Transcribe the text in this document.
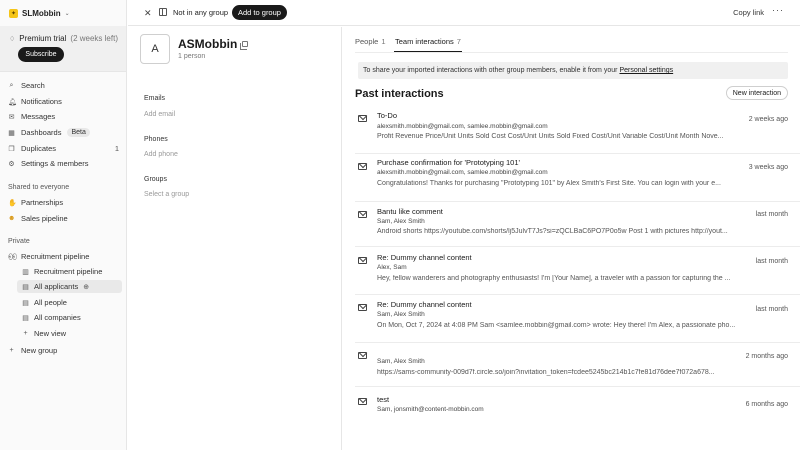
✦ SLMobbin ⌄
♢ Premium trial (2 weeks left)
Subscribe
⌕ Search
🔔︎ Notifications
✉ Messages
▦ Dashboards	Beta
❐ Duplicates	1
⚙ Settings & members
Shared to everyone
✋ Partnerships
☻ Sales pipeline
Private
👀︎ Recruitment pipeline
▥ Recruitment pipeline
▤ All applicants ⊕
▤ All people
▤ All companies
+ New view
+ New group
✕	Not in any group	Add to group	Copy link ···
A	ASMobbin
1 person
Emails
Add email
Phones
Add phone
Groups
Select a group
People 1 Team interactions 7
To share your imported interactions with other group members, enable it from your Personal settings
Past interactions	New interaction
To-Do
alexsmith.mobbin@gmail.com, samlee.mobbin@gmail.com
Profit Revenue Price/Unit Units Sold Cost Cost/Unit Units Sold Fixed Cost/Unit Variable Cost/Unit Month Nove...
2 weeks ago
Purchase confirmation for 'Prototyping 101'
alexsmith.mobbin@gmail.com, samlee.mobbin@gmail.com
Congratulations! Thanks for purchasing "Prototyping 101" by Alex Smith's First Site. You can login with your e...
3 weeks ago
Bantu like comment
Sam, Alex Smith
Android shorts https://youtube.com/shorts/lj5JulvT7Js?si=zQCLBaC6PO7P0o5w Post 1 with pictures http://yout...
last month
Re: Dummy channel content
Alex, Sam
Hey, fellow wanderers and photography enthusiasts! I'm [Your Name], a traveler with a passion for capturing the ...
last month
Re: Dummy channel content
Sam, Alex Smith
On Mon, Oct 7, 2024 at 4:08 PM Sam <samlee.mobbin@gmail.com> wrote: Hey there! I'm Alex, a passionate pho...
last month
Sam, Alex Smith
https://sams-community-009d7f.circle.so/join?invitation_token=fcdee5245bc214b1c7fe81d76dee7f072a678...
2 months ago
test
Sam, jonsmith@content-mobbin.com
6 months ago
